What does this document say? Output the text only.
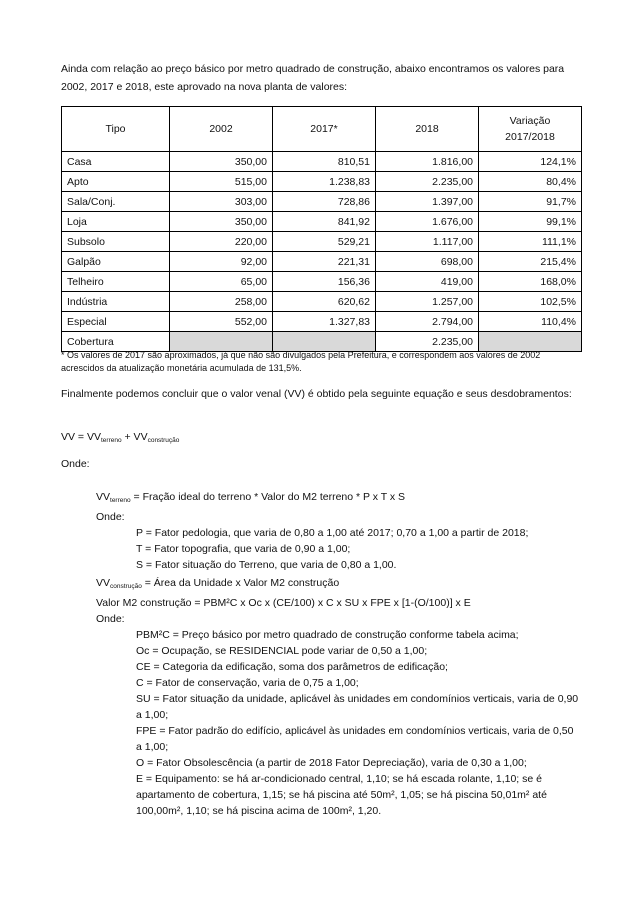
Ainda com relação ao preço básico por metro quadrado de construção, abaixo encontramos os valores para 2002, 2017 e 2018, este aprovado na nova planta de valores:
Tipo	2002	2017*	2018	Variação 2017/2018
Casa	350,00	810,51	1.816,00	124,1%
Apto	515,00	1.238,83	2.235,00	80,4%
Sala/Conj.	303,00	728,86	1.397,00	91,7%
Loja	350,00	841,92	1.676,00	99,1%
Subsolo	220,00	529,21	1.117,00	111,1%
Galpão	92,00	221,31	698,00	215,4%
Telheiro	65,00	156,36	419,00	168,0%
Indústria	258,00	620,62	1.257,00	102,5%
Especial	552,00	1.327,83	2.794,00	110,4%
Cobertura			2.235,00	
* Os valores de 2017 são aproximados, já que não são divulgados pela Prefeitura, e correspondem aos valores de 2002 acrescidos da atualização monetária acumulada de 131,5%.
Finalmente podemos concluir que o valor venal (VV) é obtido pela seguinte equação e seus desdobramentos:
VV = $VV_{terreno} + VV_{construção}$
Onde:
$VV_{terreno}$ = Fração ideal do terreno * Valor do M2 terreno * P x T x S
Onde:
P = Fator pedologia, que varia de 0,80 a 1,00 até 2017; 0,70 a 1,00 a partir de 2018;
T = Fator topografia, que varia de 0,90 a 1,00;
S = Fator situação do Terreno, que varia de 0,80 a 1,00.
$VV_{construção}$ = Área da Unidade x Valor M2 construção
Valor M2 construção = PBM²C x Oc x (CE/100) x C x SU x FPE x [1-(O/100)] x E
Onde:
PBM²C = Preço básico por metro quadrado de construção conforme tabela acima;
Oc = Ocupação, se RESIDENCIAL pode variar de 0,50 a 1,00;
CE = Categoria da edificação, soma dos parâmetros de edificação;
C = Fator de conservação, varia de 0,75 a 1,00;
SU = Fator situação da unidade, aplicável às unidades em condomínios verticais, varia de 0,90 a 1,00;
FPE = Fator padrão do edifício, aplicável às unidades em condomínios verticais, varia de 0,50 a 1,00;
O = Fator Obsolescência (a partir de 2018 Fator Depreciação), varia de 0,30 a 1,00;
E = Equipamento: se há ar-condicionado central, 1,10; se há escada rolante, 1,10; se é apartamento de cobertura, 1,15; se há piscina até 50m², 1,05; se há piscina 50,01m² até 100,00m², 1,10; se há piscina acima de 100m², 1,20.
